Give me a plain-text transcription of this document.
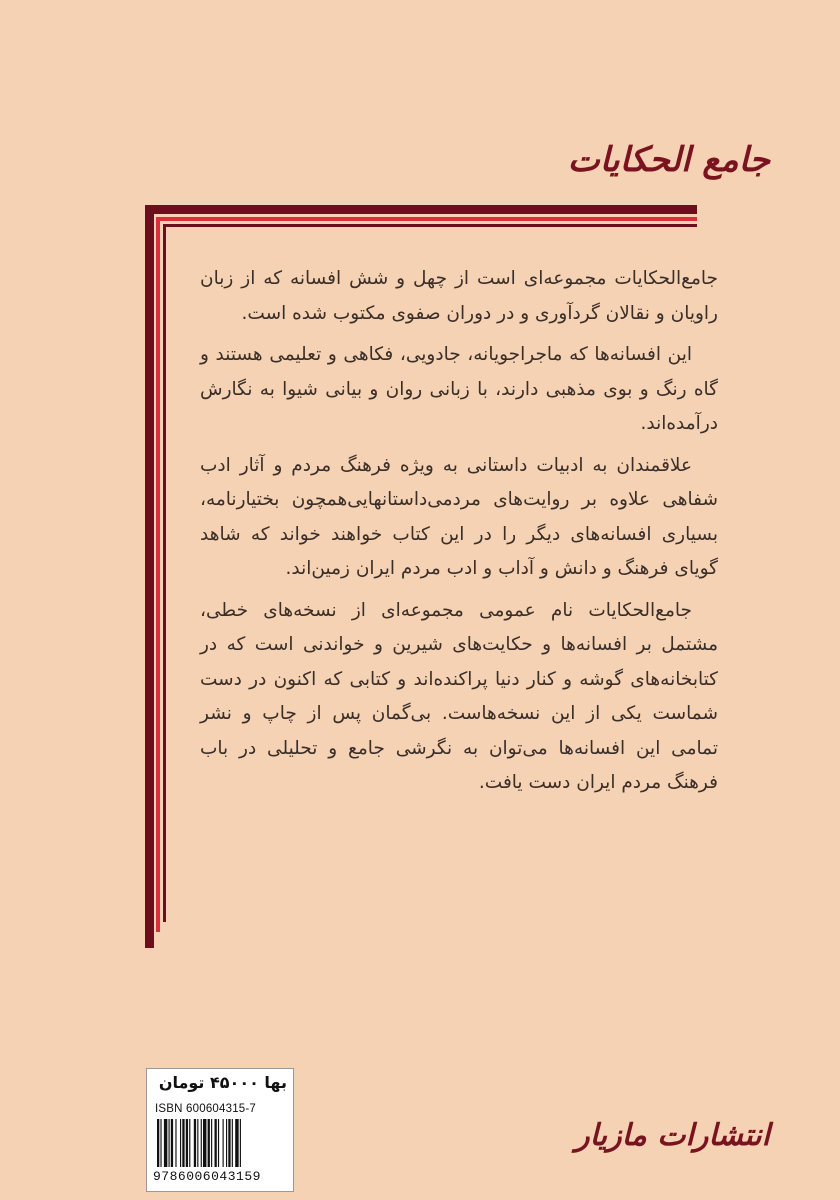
جامع الحکایات

جامع‌الحکایات مجموعه‌ای است از چهل و شش افسانه که از زبان راویان و نقالان گردآوری و در دوران صفوی مکتوب شده است.

این افسانه‌ها که ماجراجویانه، جادویی، فکاهی و تعلیمی هستند و گاه رنگ و بوی مذهبی دارند، با زبانی روان و بیانی شیوا به نگارش درآمده‌اند.

علاقمندان به ادبیات داستانی به ویژه فرهنگ مردم و آثار ادب شفاهی علاوه بر روایت‌های مردمی‌داستانهایی‌همچون بختیارنامه، بسیاری افسانه‌های دیگر را در این کتاب خواهند خواند که شاهد گویای فرهنگ و دانش و آداب و ادب مردم ایران زمین‌اند.

جامع‌الحکایات نام عمومی مجموعه‌ای از نسخه‌های خطی، مشتمل بر افسانه‌ها و حکایت‌های شیرین و خواندنی است که در کتابخانه‌های گوشه و کنار دنیا پراکنده‌اند و کتابی که اکنون در دست شماست یکی از این نسخه‌هاست. بی‌گمان پس از چاپ و نشر تمامی این افسانه‌ها می‌توان به نگرشی جامع و تحلیلی در باب فرهنگ مردم ایران دست یافت.

بها ۴۵۰۰۰ تومان
ISBN 600604315-7
9786006043159
انتشارات مازیار
